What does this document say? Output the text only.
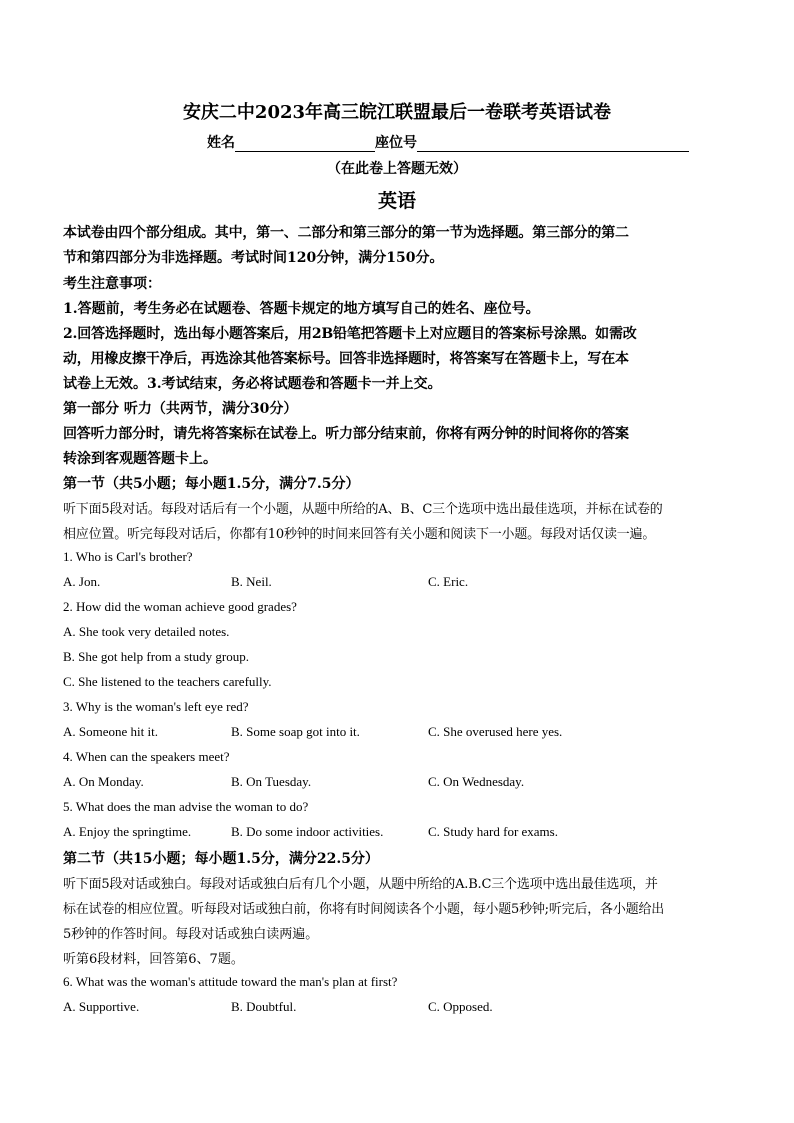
安庆二中2023年高三皖江联盟最后一卷联考英语试卷
姓名	座位号
（在此卷上答题无效）
英语
本试卷由四个部分组成。其中，第一、二部分和第三部分的第一节为选择题。第三部分的第二
节和第四部分为非选择题。考试时间120分钟，满分150分。
考生注意事项：
1.答题前，考生务必在试题卷、答题卡规定的地方填写自己的姓名、座位号。
2.回答选择题时，选出每小题答案后，用2B铅笔把答题卡上对应题目的答案标号涂黑。如需改
动，用橡皮擦干净后，再选涂其他答案标号。回答非选择题时，将答案写在答题卡上，写在本
试卷上无效。3.考试结束，务必将试题卷和答题卡一并上交。
第一部分 听力（共两节，满分30分）
回答听力部分时，请先将答案标在试卷上。听力部分结束前，你将有两分钟的时间将你的答案
转涂到客观题答题卡上。
第一节（共5小题；每小题1.5分，满分7.5分）
听下面5段对话。每段对话后有一个小题，从题中所给的A、B、C三个选项中选出最佳选项，并标在试卷的
相应位置。听完每段对话后，你都有10秒钟的时间来回答有关小题和阅读下一小题。每段对话仅读一遍。
1. Who is Carl's brother?
A. Jon.	B. Neil.	C. Eric.
2. How did the woman achieve good grades?
A. She took very detailed notes.
B. She got help from a study group.
C. She listened to the teachers carefully.
3. Why is the woman's left eye red?
A. Someone hit it.	B. Some soap got into it.	C. She overused here yes.
4. When can the speakers meet?
A. On Monday.	B. On Tuesday.	C. On Wednesday.
5. What does the man advise the woman to do?
A. Enjoy the springtime.	B. Do some indoor activities.	C. Study hard for exams.
第二节（共15小题；每小题1.5分，满分22.5分）
听下面5段对话或独白。每段对话或独白后有几个小题，从题中所给的A.B.C三个选项中选出最佳选项，并
标在试卷的相应位置。听每段对话或独白前，你将有时间阅读各个小题，每小题5秒钟;听完后，各小题给出
5秒钟的作答时间。每段对话或独白读两遍。
听第6段材料，回答第6、7题。
6. What was the woman's attitude toward the man's plan at first?
A. Supportive.	B. Doubtful.	C. Opposed.
